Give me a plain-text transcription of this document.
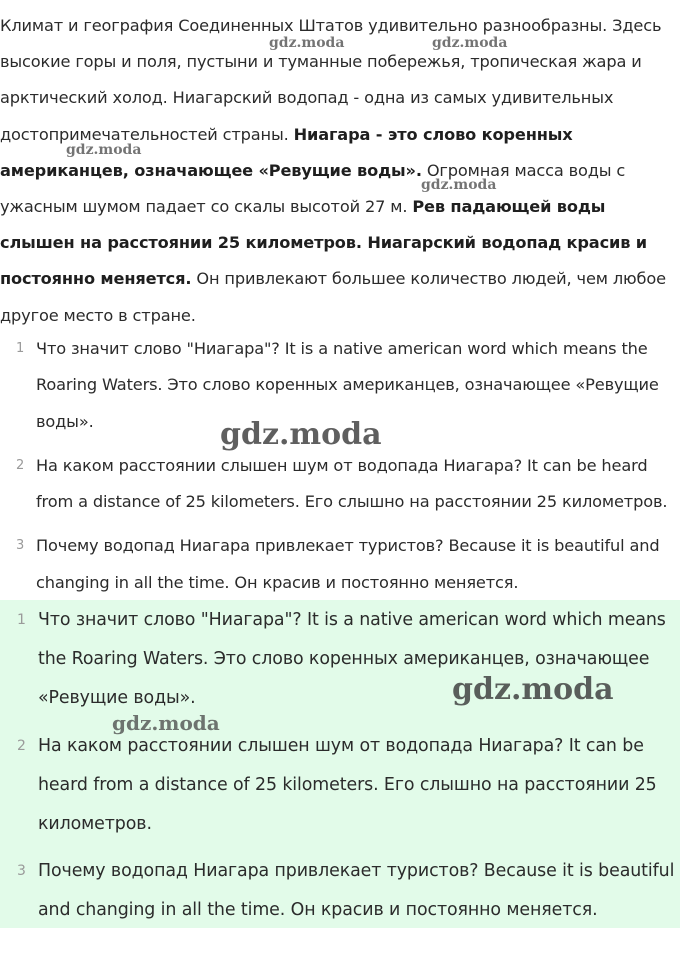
Климат и география Соединенных Штатов удивительно разнообразны. Здесь высокие горы и поля, пустыни и туманные побережья, тропическая жара и арктический холод. Ниагарский водопад - одна из самых удивительных достопримечательностей страны. Ниагара - это слово коренных американцев, означающее «Ревущие воды». Огромная масса воды с ужасным шумом падает со скалы высотой 27 м. Рев падающей воды слышен на расстоянии 25 километров. Ниагарский водопад красив и постоянно меняется. Он привлекают большее количество людей, чем любое другое место в стране.

1 Что значит слово "Ниагара"? It is a native american word which means the Roaring Waters. Это слово коренных американцев, означающее «Ревущие воды».
2 На каком расстоянии слышен шум от водопада Ниагара? It can be heard from a distance of 25 kilometers. Его слышно на расстоянии 25 километров.
3 Почему водопад Ниагара привлекает туристов? Because it is beautiful and changing in all the time. Он красив и постоянно меняется.
1 Что значит слово "Ниагара"? It is a native american word which means the Roaring Waters. Это слово коренных американцев, означающее «Ревущие воды».
2 На каком расстоянии слышен шум от водопада Ниагара? It can be heard from a distance of 25 kilometers. Его слышно на расстоянии 25 километров.
3 Почему водопад Ниагара привлекает туристов? Because it is beautiful and changing in all the time. Он красив и постоянно меняется.
gdz.moda	gdz.moda
gdz.moda
gdz.moda
gdz.moda
gdz.moda
gdz.moda
